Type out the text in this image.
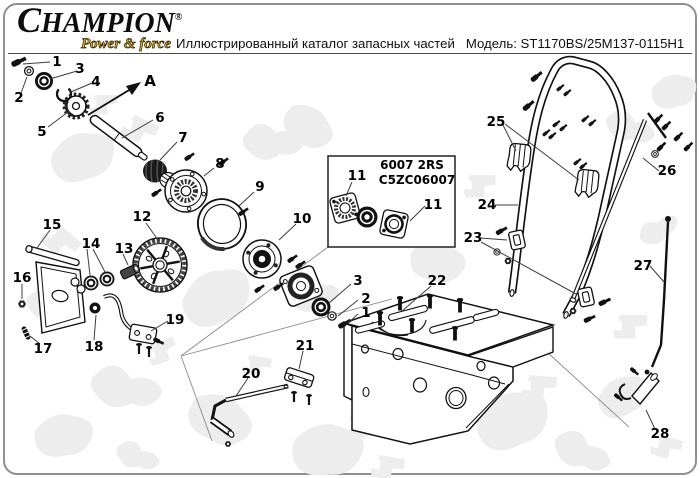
CHAMPION®
Power & force Иллюстрированный каталог запасных частей Модель: ST1170BS/25M137-0115H1
6007 2RS
C5ZC06007
1
2
3
4
5
6
7
8
9
10
11
11
12
13
14
15
16
17 18
19
20
21
22
23
24
25
26
27
28
3
2
1
A
